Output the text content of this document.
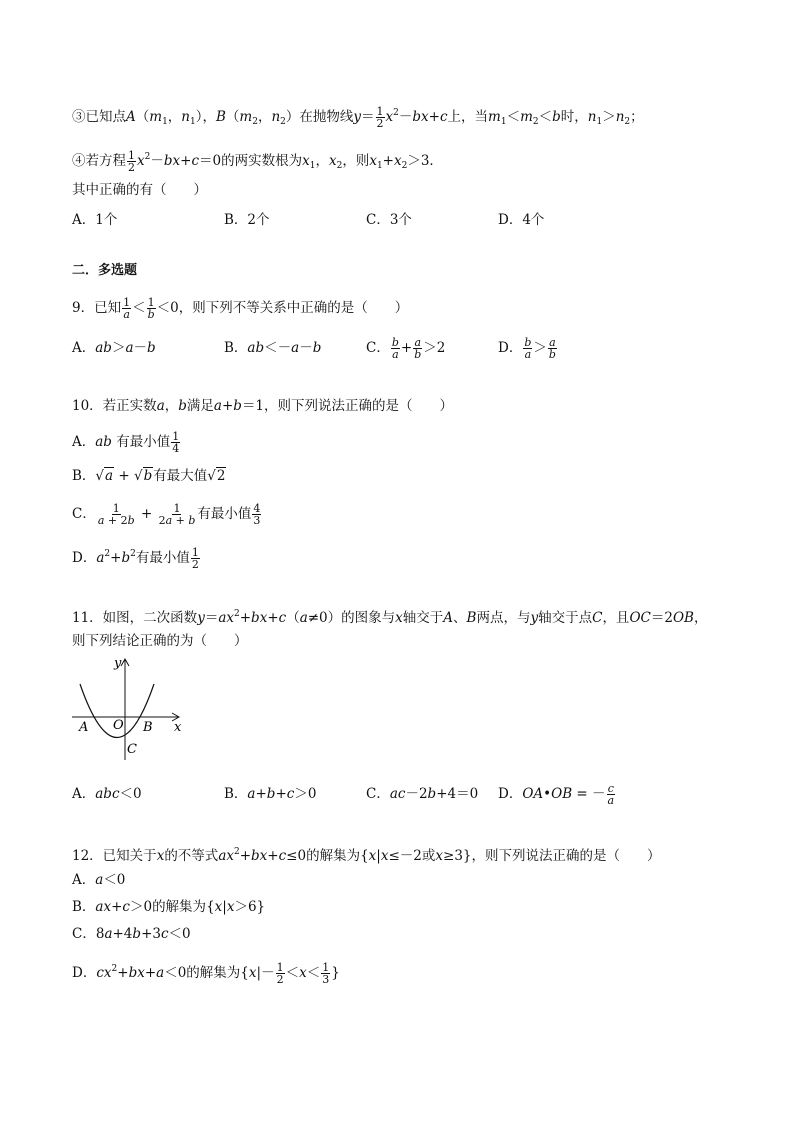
③已知点$A(m_1$，$n_1$），$B(m_2$，$n_2$）在抛物线$y= \frac{1}{2} x^2-bx+c$上，当$m_1<m_2<b$时，$n_1>n_2$；
④若方程 $\frac{1}{2} x^2-bx+c=0$的两实数根为$x_1$，$x_2$，则$x_1+x_2>3$．
其中正确的有（　　）
A．1个	B．2个	C．3个	D．4个
二．多选题
9．已知 $\frac{1}{a} < \frac{1}{b} <0$，则下列不等关系中正确的是（　　）
A．ab＞a－b	B．ab＜－a－b	C． $\frac{b}{a} + \frac{a}{b} >2$	D． $\frac{b}{a} > \frac{a}{b}$
10．若正实数a，b满足a+b＝1，则下列说法正确的是（　　）
A．ab 有最小值 $\frac{1}{4}$
B．√a + √b有最大值√2
C． $\frac{1}{a + 2b} + \frac{1}{2a + b}$ 有最小值 $\frac{4}{3}$
D．$a^2+b^2$有最小值 $\frac{1}{2}$
11．如图，二次函数$y=ax^2+bx+c(a\ne 0)$的图象与x轴交于A、B两点，与y轴交于点C，且OC＝2OB，
则下列结论正确的为（　　）
y
x
A O B
C
A．abc＜0	B．a+b+c＞0	C．ac－2b+4＝0 D．OA•OB = － $\frac{c}{a}$
12．已知关于x的不等式$ax^2+bx+c\le 0$的解集为{x|x≤－2或x≥3}，则下列说法正确的是（　　）
A．a＜0
B．ax+c＞0的解集为{x|x＞6}
C．8a+4b+3c＜0
D．$cx^2+bx+a<0$的解集为{$x|- \frac{1}{2} <x< \frac{1}{3}$ }
